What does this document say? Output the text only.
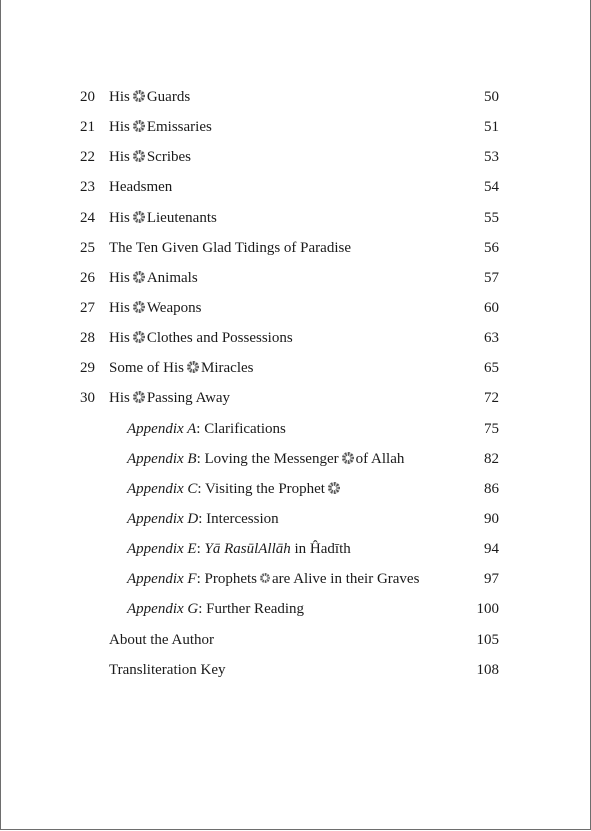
20 His Guards	50
21 His Emissaries	51
22 His Scribes	53
23 Headsmen	54
24 His Lieutenants	55
25 The Ten Given Glad Tidings of Paradise	56
26 His Animals	57
27 His Weapons	60
28 His Clothes and Possessions	63
29 Some of His Miracles	65
30 His Passing Away	72
Appendix A: Clarifications	75
Appendix B: Loving the Messenger of Allah	82
Appendix C: Visiting the Prophet	86
Appendix D: Intercession	90
Appendix E: Yā RasūlAllāh in Ĥadīth	94
Appendix F: Prophets are Alive in their Graves	97
Appendix G: Further Reading	100
About the Author	105
Transliteration Key	108
